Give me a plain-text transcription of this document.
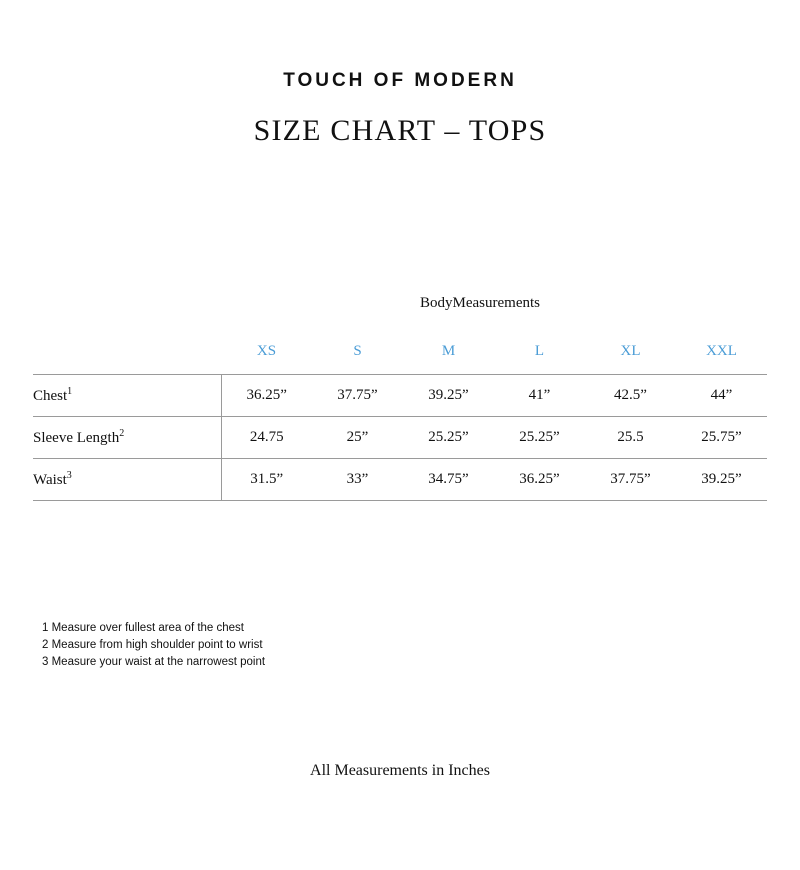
TOUCH OF MODERN
SIZE CHART – TOPS
BodyMeasurements
	XS	S	M	L	XL	XXL
Chest$^1$	36.25”	37.75”	39.25”	41”	42.5”	44”
Sleeve Length$^2$	24.75	25”	25.25”	25.25”	25.5	25.75”
Waist$^3$	31.5”	33”	34.75”	36.25”	37.75”	39.25”
1 Measure over fullest area of the chest
2 Measure from high shoulder point to wrist
3 Measure your waist at the narrowest point
All Measurements in Inches
